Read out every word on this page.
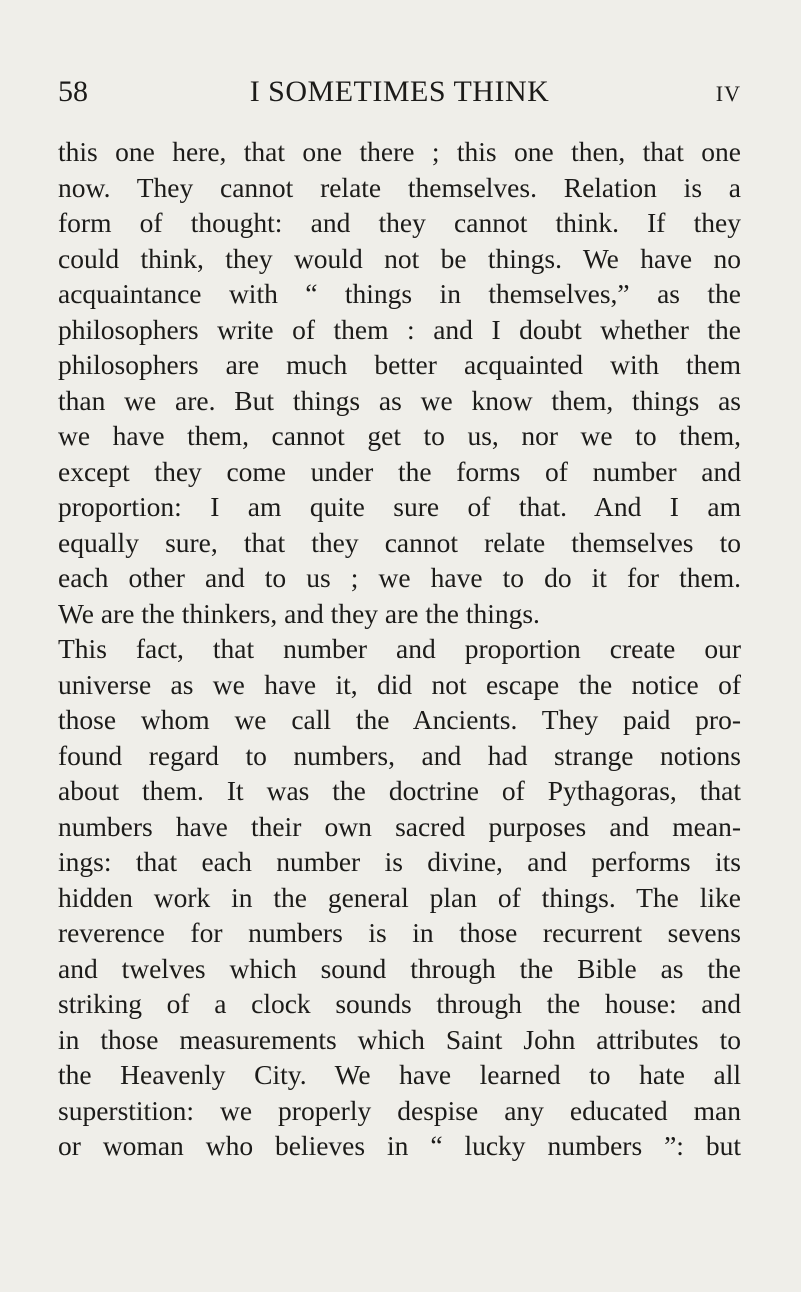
58	I SOMETIMES THINK	IV
this one here, that one there ; this one then, that one
now. They cannot relate themselves. Relation is a
form of thought: and they cannot think. If they
could think, they would not be things. We have no
acquaintance with “ things in themselves,” as the
philosophers write of them : and I doubt whether the
philosophers are much better acquainted with them
than we are. But things as we know them, things as
we have them, cannot get to us, nor we to them,
except they come under the forms of number and
proportion: I am quite sure of that. And I am
equally sure, that they cannot relate themselves to
each other and to us ; we have to do it for them.
We are the thinkers, and they are the things.
This fact, that number and proportion create our
universe as we have it, did not escape the notice of
those whom we call the Ancients. They paid pro-
found regard to numbers, and had strange notions
about them. It was the doctrine of Pythagoras, that
numbers have their own sacred purposes and mean-
ings: that each number is divine, and performs its
hidden work in the general plan of things. The like
reverence for numbers is in those recurrent sevens
and twelves which sound through the Bible as the
striking of a clock sounds through the house: and
in those measurements which Saint John attributes to
the Heavenly City. We have learned to hate all
superstition: we properly despise any educated man
or woman who believes in “ lucky numbers ”: but
